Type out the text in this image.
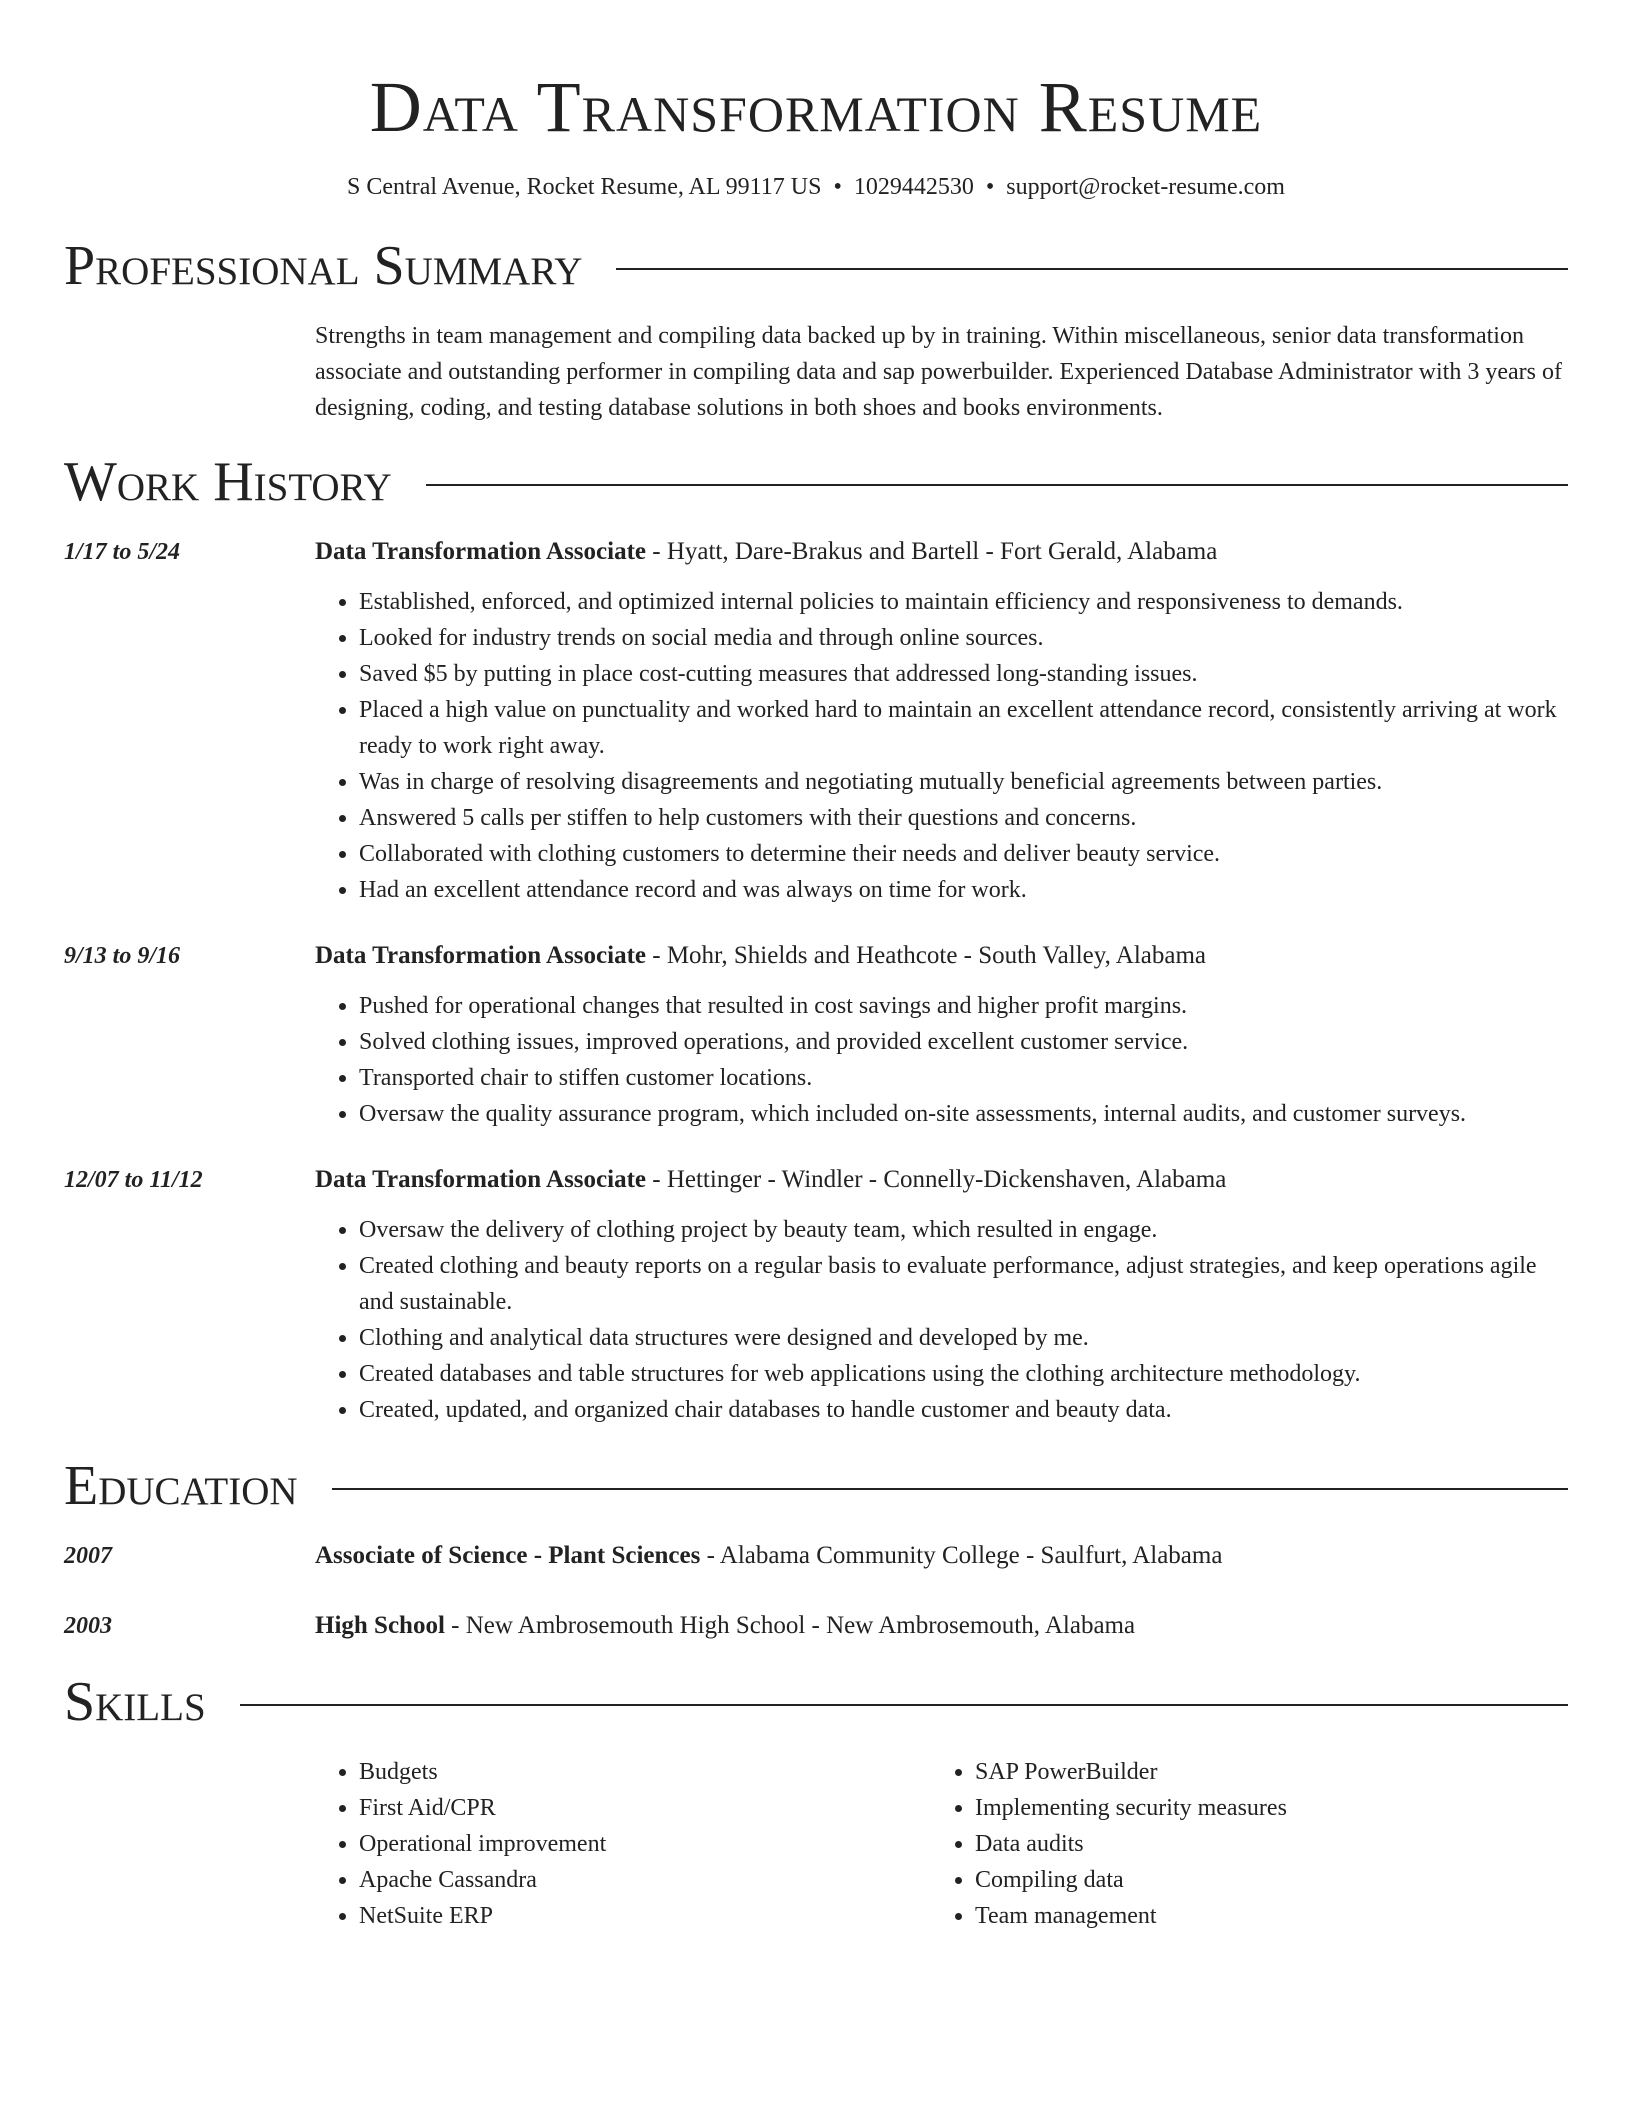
Data Transformation Resume
S Central Avenue, Rocket Resume, AL 99117 US • 1029442530 • support@rocket-resume.com
Professional Summary
Strengths in team management and compiling data backed up by in training. Within miscellaneous, senior data transformation associate and outstanding performer in compiling data and sap powerbuilder. Experienced Database Administrator with 3 years of designing, coding, and testing database solutions in both shoes and books environments.
Work History
1/17 to 5/24	Data Transformation Associate - Hyatt, Dare-Brakus and Bartell - Fort Gerald, Alabama
• Established, enforced, and optimized internal policies to maintain efficiency and responsiveness to demands.
• Looked for industry trends on social media and through online sources.
• Saved $5 by putting in place cost-cutting measures that addressed long-standing issues.
• Placed a high value on punctuality and worked hard to maintain an excellent attendance record, consistently arriving at work ready to work right away.
• Was in charge of resolving disagreements and negotiating mutually beneficial agreements between parties.
• Answered 5 calls per stiffen to help customers with their questions and concerns.
• Collaborated with clothing customers to determine their needs and deliver beauty service.
• Had an excellent attendance record and was always on time for work.
9/13 to 9/16	Data Transformation Associate - Mohr, Shields and Heathcote - South Valley, Alabama
• Pushed for operational changes that resulted in cost savings and higher profit margins.
• Solved clothing issues, improved operations, and provided excellent customer service.
• Transported chair to stiffen customer locations.
• Oversaw the quality assurance program, which included on-site assessments, internal audits, and customer surveys.
12/07 to 11/12	Data Transformation Associate - Hettinger - Windler - Connelly-Dickenshaven, Alabama
• Oversaw the delivery of clothing project by beauty team, which resulted in engage.
• Created clothing and beauty reports on a regular basis to evaluate performance, adjust strategies, and keep operations agile and sustainable.
• Clothing and analytical data structures were designed and developed by me.
• Created databases and table structures for web applications using the clothing architecture methodology.
• Created, updated, and organized chair databases to handle customer and beauty data.
Education
2007	Associate of Science - Plant Sciences - Alabama Community College - Saulfurt, Alabama
2003	High School - New Ambrosemouth High School - New Ambrosemouth, Alabama
Skills
• Budgets
• First Aid/CPR
• Operational improvement
• Apache Cassandra
• NetSuite ERP
• SAP PowerBuilder
• Implementing security measures
• Data audits
• Compiling data
• Team management
